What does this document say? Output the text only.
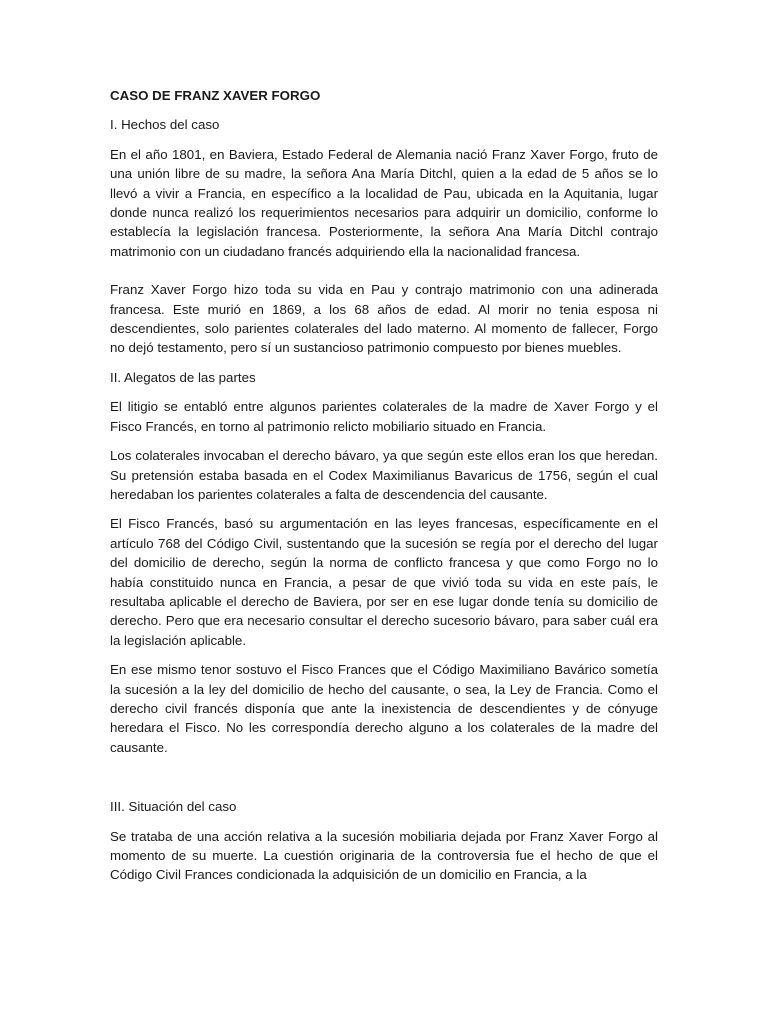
CASO DE FRANZ XAVER FORGO
I. Hechos del caso

En el año 1801, en Baviera, Estado Federal de Alemania nació Franz Xaver Forgo, fruto de una unión libre de su madre, la señora Ana María Ditchl, quien a la edad de 5 años se lo llevó a vivir a Francia, en específico a la localidad de Pau, ubicada en la Aquitania, lugar donde nunca realizó los requerimientos necesarios para adquirir un domicilio, conforme lo establecía la legislación francesa. Posteriormente, la señora Ana María Ditchl contrajo matrimonio con un ciudadano francés adquiriendo ella la nacionalidad francesa.

Franz Xaver Forgo hizo toda su vida en Pau y contrajo matrimonio con una adinerada francesa. Este murió en 1869, a los 68 años de edad. Al morir no tenia esposa ni descendientes, solo parientes colaterales del lado materno. Al momento de fallecer, Forgo no dejó testamento, pero sí un sustancioso patrimonio compuesto por bienes muebles.

II. Alegatos de las partes

El litigio se entabló entre algunos parientes colaterales de la madre de Xaver Forgo y el Fisco Francés, en torno al patrimonio relicto mobiliario situado en Francia.

Los colaterales invocaban el derecho bávaro, ya que según este ellos eran los que heredan. Su pretensión estaba basada en el Codex Maximilianus Bavaricus de 1756, según el cual heredaban los parientes colaterales a falta de descendencia del causante.

El Fisco Francés, basó su argumentación en las leyes francesas, específicamente en el artículo 768 del Código Civil, sustentando que la sucesión se regía por el derecho del lugar del domicilio de derecho, según la norma de conflicto francesa y que como Forgo no lo había constituido nunca en Francia, a pesar de que vivió toda su vida en este país, le resultaba aplicable el derecho de Baviera, por ser en ese lugar donde tenía su domicilio de derecho. Pero que era necesario consultar el derecho sucesorio bávaro, para saber cuál era la legislación aplicable.

En ese mismo tenor sostuvo el Fisco Frances que el Código Maximiliano Bavárico sometía la sucesión a la ley del domicilio de hecho del causante, o sea, la Ley de Francia. Como el derecho civil francés disponía que ante la inexistencia de descendientes y de cónyuge heredara el Fisco. No les correspondía derecho alguno a los colaterales de la madre del causante.

III. Situación del caso

Se trataba de una acción relativa a la sucesión mobiliaria dejada por Franz Xaver Forgo al momento de su muerte. La cuestión originaria de la controversia fue el hecho de que el Código Civil Frances condicionada la adquisición de un domicilio en Francia, a la
